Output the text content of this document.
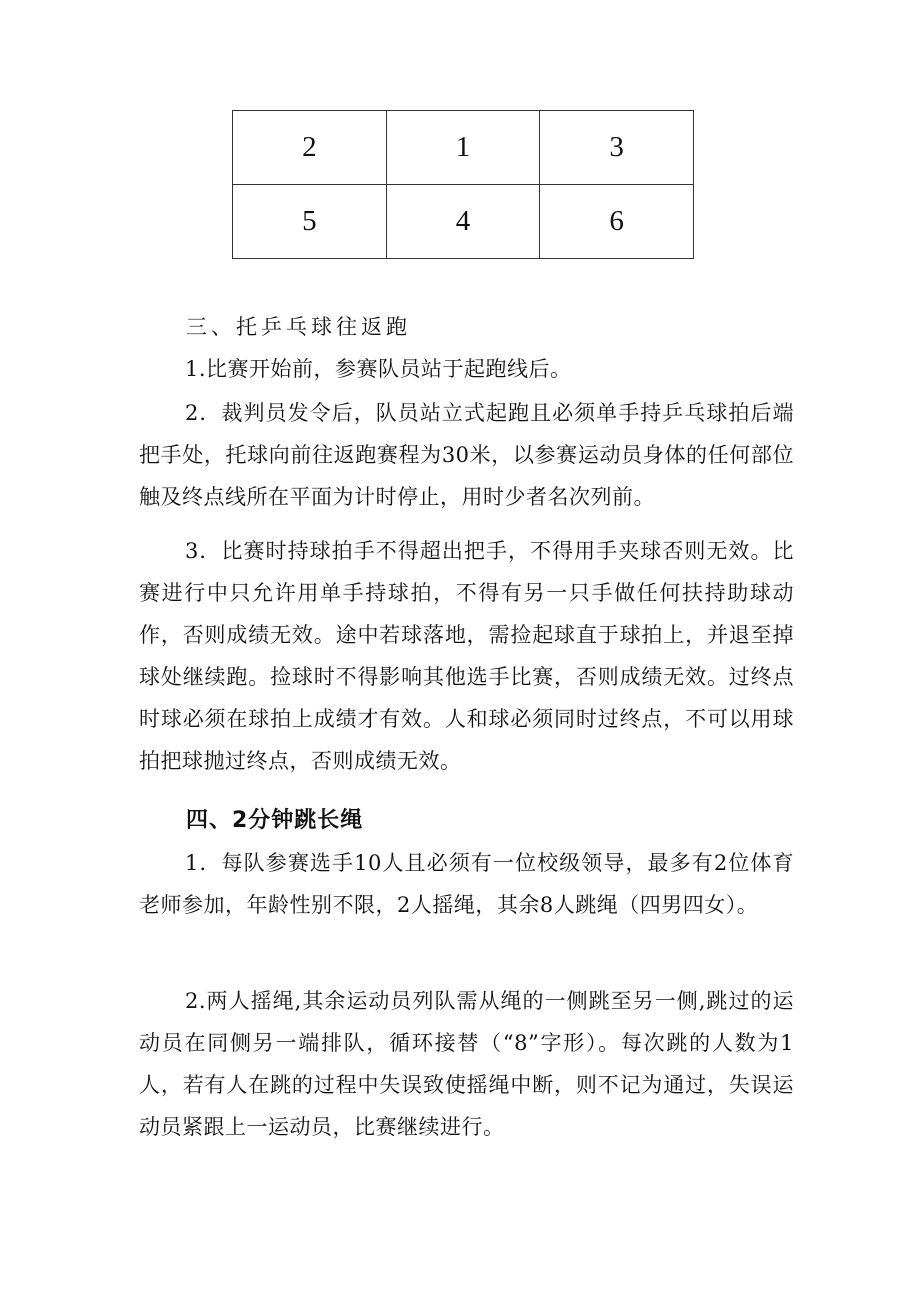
2	1	3
5	4	6

三、托乒乓球往返跑

1.比赛开始前，参赛队员站于起跑线后。

2．裁判员发令后，队员站立式起跑且必须单手持乒乓球拍后端把手处，托球向前往返跑赛程为30米，以参赛运动员身体的任何部位触及终点线所在平面为计时停止，用时少者名次列前。

3．比赛时持球拍手不得超出把手，不得用手夹球否则无效。比赛进行中只允许用单手持球拍，不得有另一只手做任何扶持助球动作，否则成绩无效。途中若球落地，需捡起球直于球拍上，并退至掉球处继续跑。捡球时不得影响其他选手比赛，否则成绩无效。过终点时球必须在球拍上成绩才有效。人和球必须同时过终点，不可以用球拍把球抛过终点，否则成绩无效。

四、2分钟跳长绳

1．每队参赛选手10人且必须有一位校级领导，最多有2位体育老师参加，年龄性别不限，2人摇绳，其余8人跳绳（四男四女）。

2.两人摇绳,其余运动员列队需从绳的一侧跳至另一侧,跳过的运动员在同侧另一端排队，循环接替（“8”字形）。每次跳的人数为1人，若有人在跳的过程中失误致使摇绳中断，则不记为通过，失误运动员紧跟上一运动员，比赛继续进行。
